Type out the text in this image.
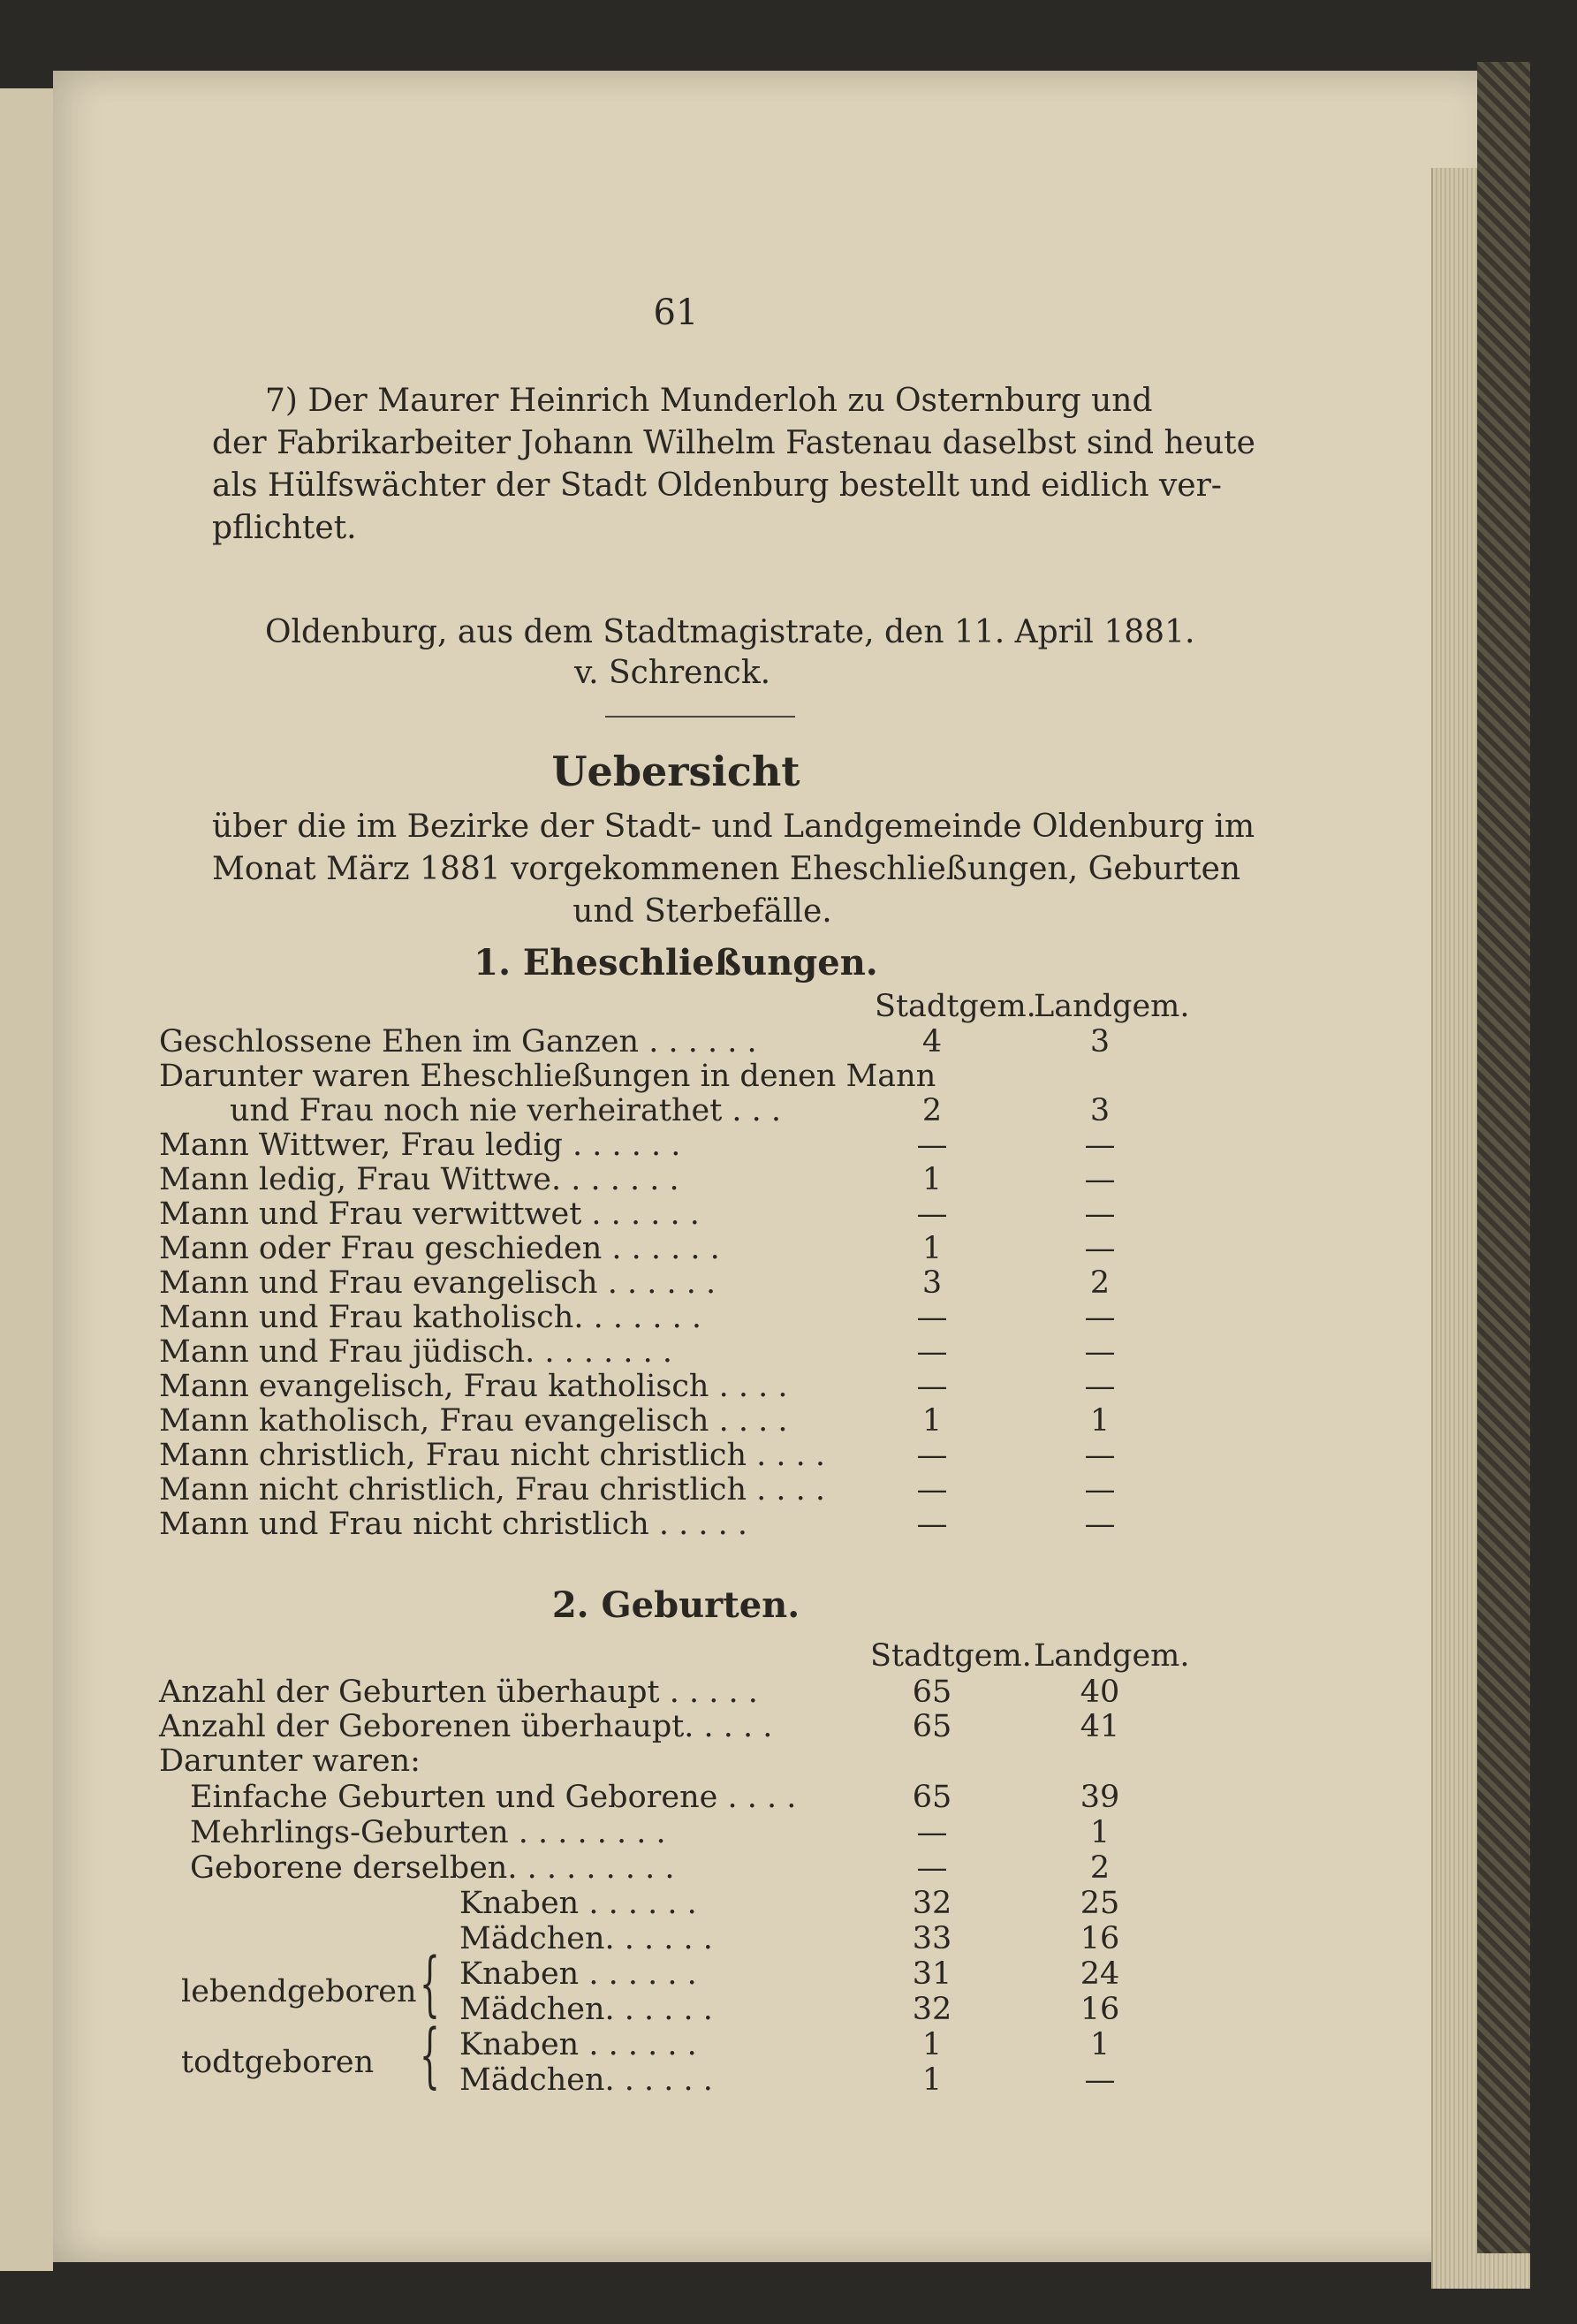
61
7) Der Maurer Heinrich Munderloh zu Osternburg und
der Fabrikarbeiter Johann Wilhelm Fastenau daselbst sind heute
als Hülfswächter der Stadt Oldenburg bestellt und eidlich ver-
pflichtet.
Oldenburg, aus dem Stadtmagistrate, den 11. April 1881.
v. Schrenck.
Uebersicht
über die im Bezirke der Stadt- und Landgemeinde Oldenburg im
Monat März 1881 vorgekommenen Eheschließungen, Geburten
und Sterbefälle.
1. Eheschließungen.
Stadtgem.
Landgem.
Geschlossene Ehen im Ganzen . . . . . .	4	3
Darunter waren Eheschließungen in denen Mann
und Frau noch nie verheirathet . . .	2	3
Mann Wittwer, Frau ledig . . . . . .	—	—
Mann ledig, Frau Wittwe. . . . . . .	1	—
Mann und Frau verwittwet . . . . . .	—	—
Mann oder Frau geschieden . . . . . .	1	—
Mann und Frau evangelisch . . . . . .	3	2
Mann und Frau katholisch. . . . . . .	—	—
Mann und Frau jüdisch. . . . . . . .	—	—
Mann evangelisch, Frau katholisch . . . .	—	—
Mann katholisch, Frau evangelisch . . . .	1	1
Mann christlich, Frau nicht christlich . . . .	—	—
Mann nicht christlich, Frau christlich . . . .	—	—
Mann und Frau nicht christlich . . . . .	—	—
2. Geburten.
Stadtgem. Landgem.
Anzahl der Geburten überhaupt . . . . .	65	40
Anzahl der Geborenen überhaupt. . . . .	65	41
Darunter waren:
Einfache Geburten und Geborene . . . .	65	39
Mehrlings-Geburten . . . . . . . .	—	1
Geborene derselben. . . . . . . . .	—	2
Knaben . . . . . .	32	25
Mädchen. . . . . .	33	16
lebendgeboren { Knaben . . . . . .	31	24
Mädchen. . . . . .	32	16
todtgeboren { Knaben . . . . . .	1	1
Mädchen. . . . . .	1	—
